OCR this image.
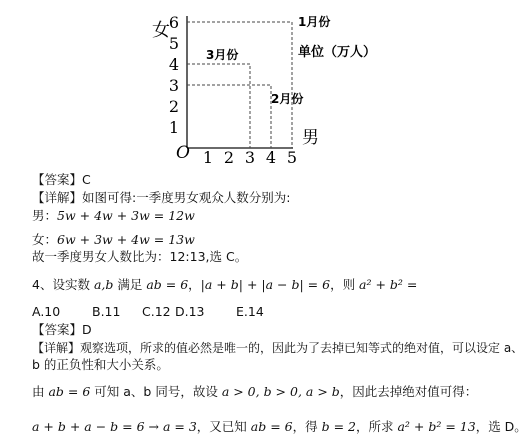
1月份
3月份
2月份
1
2
3
4
5
6
1 2 3 4 5
女
男
O
单位（万人）
【答案】C
【详解】如图可得:一季度男女观众人数分别为:
男：5w + 4w + 3w = 12w
女：6w + 3w + 4w = 13w
故一季度男女人数比为：12:13,选 C。
4、设实数 a,b 满足 ab = 6，|a + b| + |a − b| = 6，则 a² + b² =
A.10	B.11 C.12 D.13	E.14
【答案】D
【详解】观察选项，所求的值必然是唯一的，因此为了去掉已知等式的绝对值，可以设定 a、
b 的正负性和大小关系。
由 ab = 6 可知 a、b 同号，故设 a > 0, b > 0, a > b，因此去掉绝对值可得：
a + b + a − b = 6 → a = 3，又已知 ab = 6，得 b = 2，所求 a² + b² = 13，选 D。
